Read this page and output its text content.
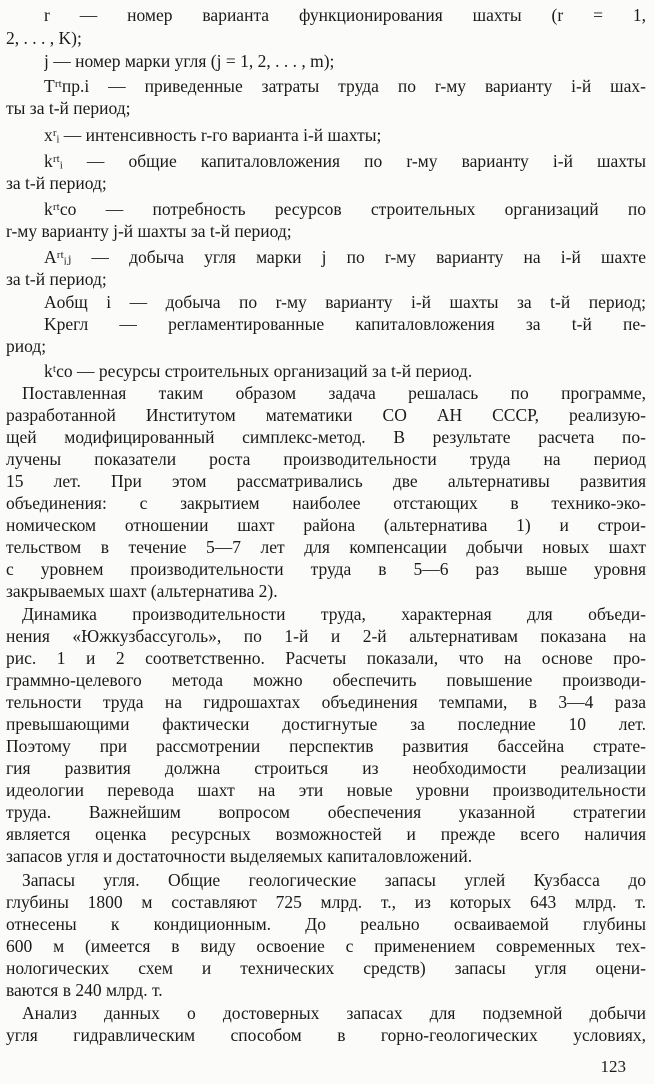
r — номер варианта функционирования шахты (r = 1,
2, . . . , K);
j — номер марки угля (j = 1, 2, . . . , m);
Tʳᵗпр.i — приведенные затраты труда по r-му варианту i-й шах-
ты за t-й период;
xʳᵢ — интенсивность r-го варианта i-й шахты;
kʳᵗᵢ — общие капиталовложения по r-му варианту i-й шахты
за t-й период;
kʳᵗсо — потребность ресурсов строительных организаций по
r-му варианту j-й шахты за t-й период;
Aʳᵗᵢⱼ — добыча угля марки j по r-му варианту на i-й шахте
за t-й период;
Aобщ i — добыча по r-му варианту i-й шахты за t-й период;
Kрегл — регламентированные капиталовложения за t-й пе-
риод;
kᵗсо — ресурсы строительных организаций за t-й период.
Поставленная таким образом задача решалась по программе,
разработанной Институтом математики СО АН СССР, реализую-
щей модифицированный симплекс-метод. В результате расчета по-
лучены показатели роста производительности труда на период
15 лет. При этом рассматривались две альтернативы развития
объединения: с закрытием наиболее отстающих в технико-эко-
номическом отношении шахт района (альтернатива 1) и строи-
тельством в течение 5—7 лет для компенсации добычи новых шахт
с уровнем производительности труда в 5—6 раз выше уровня
закрываемых шахт (альтернатива 2).
Динамика производительности труда, характерная для объеди-
нения «Южкузбассуголь», по 1-й и 2-й альтернативам показана на
рис. 1 и 2 соответственно. Расчеты показали, что на основе про-
граммно-целевого метода можно обеспечить повышение производи-
тельности труда на гидрошахтах объединения темпами, в 3—4 раза
превышающими фактически достигнутые за последние 10 лет.
Поэтому при рассмотрении перспектив развития бассейна страте-
гия развития должна строиться из необходимости реализации
идеологии перевода шахт на эти новые уровни производительности
труда. Важнейшим вопросом обеспечения указанной стратегии
является оценка ресурсных возможностей и прежде всего наличия
запасов угля и достаточности выделяемых капиталовложений.
Запасы угля. Общие геологические запасы углей Кузбасса до
глубины 1800 м составляют 725 млрд. т., из которых 643 млрд. т.
отнесены к кондиционным. До реально осваиваемой глубины
600 м (имеется в виду освоение с применением современных тех-
нологических схем и технических средств) запасы угля оцени-
ваются в 240 млрд. т.
Анализ данных о достоверных запасах для подземной добычи
угля гидравлическим способом в горно-геологических условиях,
123
